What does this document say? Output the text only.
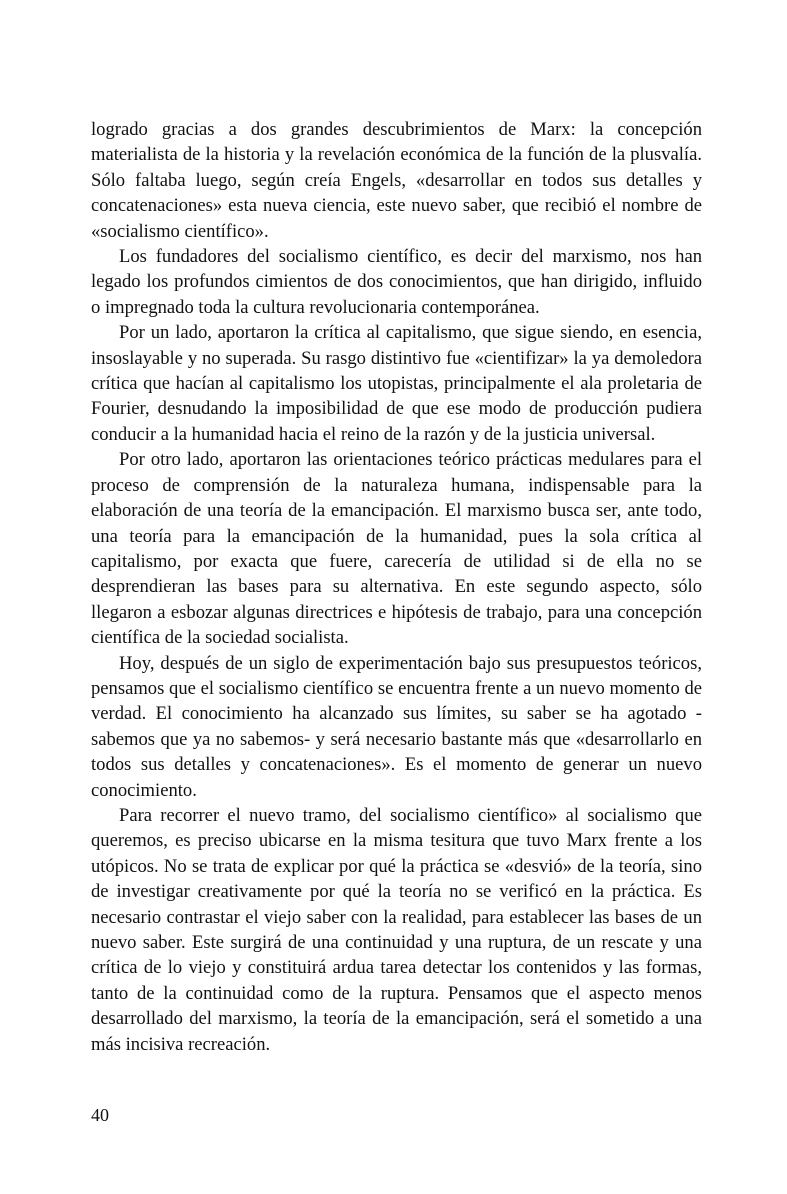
logrado gracias a dos grandes descubrimientos de Marx: la concepción materialista de la historia y la revelación económica de la función de la plusvalía. Sólo faltaba luego, según creía Engels, «desarrollar en todos sus detalles y concatenaciones» esta nueva ciencia, este nuevo saber, que recibió el nombre de «socialismo científico».

Los fundadores del socialismo científico, es decir del marxismo, nos han legado los profundos cimientos de dos conocimientos, que han dirigido, influido o impregnado toda la cultura revolucionaria contemporánea.

Por un lado, aportaron la crítica al capitalismo, que sigue siendo, en esencia, insoslayable y no superada. Su rasgo distintivo fue «cientifizar» la ya demoledora crítica que hacían al capitalismo los utopistas, principalmente el ala proletaria de Fourier, desnudando la imposibilidad de que ese modo de producción pudiera conducir a la humanidad hacia el reino de la razón y de la justicia universal.

Por otro lado, aportaron las orientaciones teórico prácticas medulares para el proceso de comprensión de la naturaleza humana, indispensable para la elaboración de una teoría de la emancipación. El marxismo busca ser, ante todo, una teoría para la emancipación de la humanidad, pues la sola crítica al capitalismo, por exacta que fuere, carecería de utilidad si de ella no se desprendieran las bases para su alternativa. En este segundo aspecto, sólo llegaron a esbozar algunas directrices e hipótesis de trabajo, para una concepción científica de la sociedad socialista.

Hoy, después de un siglo de experimentación bajo sus presupuestos teóricos, pensamos que el socialismo científico se encuentra frente a un nuevo momento de verdad. El conocimiento ha alcanzado sus límites, su saber se ha agotado -sabemos que ya no sabemos- y será necesario bastante más que «desarrollarlo en todos sus detalles y concatenaciones». Es el momento de generar un nuevo conocimiento.

Para recorrer el nuevo tramo, del socialismo científico» al socialismo que queremos, es preciso ubicarse en la misma tesitura que tuvo Marx frente a los utópicos. No se trata de explicar por qué la práctica se «desvió» de la teoría, sino de investigar creativamente por qué la teoría no se verificó en la práctica. Es necesario contrastar el viejo saber con la realidad, para establecer las bases de un nuevo saber. Este surgirá de una continuidad y una ruptura, de un rescate y una crítica de lo viejo y constituirá ardua tarea detectar los contenidos y las formas, tanto de la continuidad como de la ruptura. Pensamos que el aspecto menos desarrollado del marxismo, la teoría de la emancipación, será el sometido a una más incisiva recreación.

40
